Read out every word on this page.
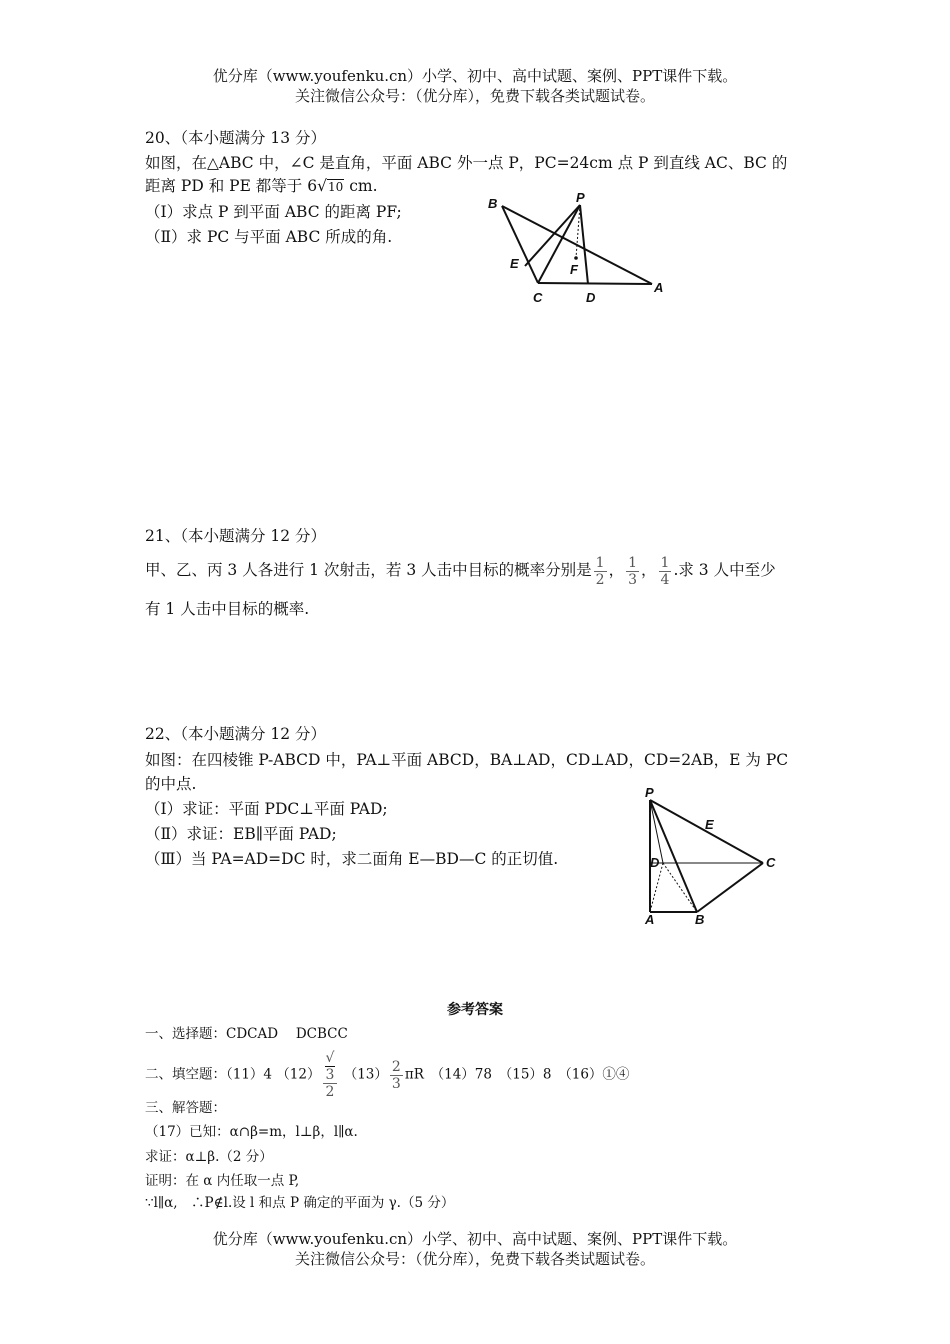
优分库（www.youfenku.cn）小学、初中、高中试题、案例、PPT课件下载。
关注微信公众号：（优分库），免费下载各类试题试卷。
20、（本小题满分 13 分）
如图，在△ABC 中，∠C 是直角，平面 ABC 外一点 P，PC=24cm 点 P 到直线 AC、BC 的
距离 PD 和 PE 都等于 6√10 cm.
（Ⅰ）求点 P 到平面 ABC 的距离 PF;
（Ⅱ）求 PC 与平面 ABC 所成的角.
B	P
E	F
C	D
A
21、（本小题满分 12 分）
甲、乙、丙 3 人各进行 1 次射击，若 3 人击中目标的概率分别是 $\frac{1}{2}$ ， $\frac{1}{3}$ ， $\frac{1}{4}$ .求 3 人中至少
有 1 人击中目标的概率.
22、（本小题满分 12 分）
如图：在四棱锥 P-ABCD 中，PA⊥平面 ABCD，BA⊥AD，CD⊥AD，CD=2AB，E 为 PC
的中点.
（Ⅰ）求证：平面 PDC⊥平面 PAD;
（Ⅱ）求证：EB∥平面 PAD;
（Ⅲ）当 PA=AD=DC 时，求二面角 E—BD—C 的正切值.
P
E
D	C
A	B
参考答案
一、选择题：CDCAD　 DCBCC
二、填空题：（11）4 （12） √
3
2 $(13) \frac{2}{3}$ πR　 （14）78　（15）8　（16）①④
三、解答题：
（17）已知：α∩β=m，l⊥β，l∥α.
求证：α⊥β.（2 分）
证明：在 α 内任取一点 P,
∵l∥α,　∴P∉l.设 l 和点 P 确定的平面为 γ.（5 分）
优分库（www.youfenku.cn）小学、初中、高中试题、案例、PPT课件下载。
关注微信公众号：（优分库），免费下载各类试题试卷。
